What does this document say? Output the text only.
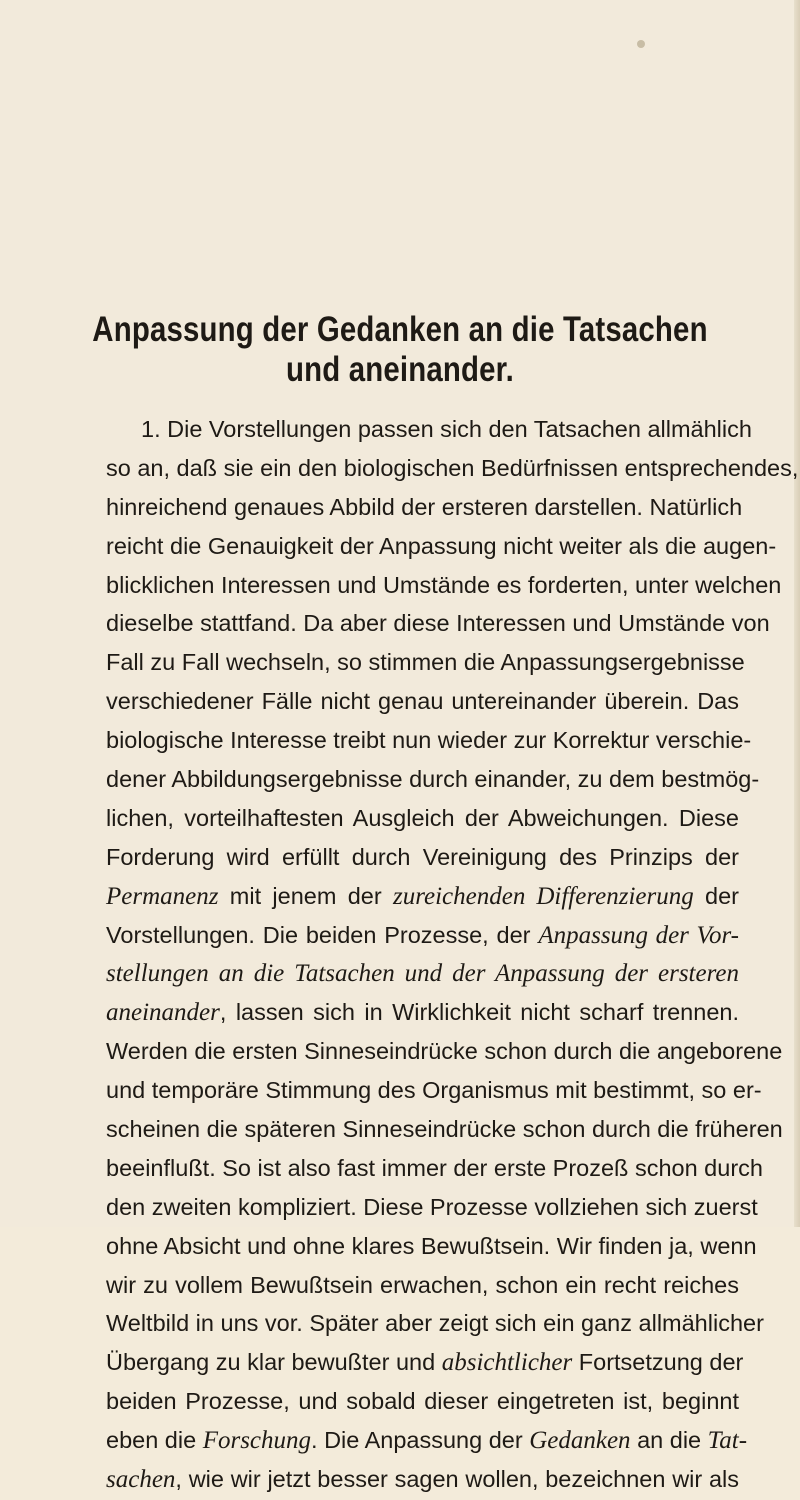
Anpassung der Gedanken an die Tatsachen
und aneinander.
1. Die Vorstellungen passen sich den Tatsachen allmählich
so an, daß sie ein den biologischen Bedürfnissen entsprechendes,
hinreichend genaues Abbild der ersteren darstellen. Natürlich
reicht die Genauigkeit der Anpassung nicht weiter als die augen-
blicklichen Interessen und Umstände es forderten, unter welchen
dieselbe stattfand. Da aber diese Interessen und Umstände von
Fall zu Fall wechseln, so stimmen die Anpassungsergebnisse
verschiedener Fälle nicht genau untereinander überein. Das
biologische Interesse treibt nun wieder zur Korrektur verschie-
dener Abbildungsergebnisse durch einander, zu dem bestmög-
lichen, vorteilhaftesten Ausgleich der Abweichungen. Diese
Forderung wird erfüllt durch Vereinigung des Prinzips der
Permanenz mit jenem der zureichenden Differenzierung der
Vorstellungen. Die beiden Prozesse, der Anpassung der Vor-
stellungen an die Tatsachen und der Anpassung der ersteren
aneinander, lassen sich in Wirklichkeit nicht scharf trennen.
Werden die ersten Sinneseindrücke schon durch die angeborene
und temporäre Stimmung des Organismus mit bestimmt, so er-
scheinen die späteren Sinneseindrücke schon durch die früheren
beeinflußt. So ist also fast immer der erste Prozeß schon durch
den zweiten kompliziert. Diese Prozesse vollziehen sich zuerst
ohne Absicht und ohne klares Bewußtsein. Wir finden ja, wenn
wir zu vollem Bewußtsein erwachen, schon ein recht reiches
Weltbild in uns vor. Später aber zeigt sich ein ganz allmählicher
Übergang zu klar bewußter und absichtlicher Fortsetzung der
beiden Prozesse, und sobald dieser eingetreten ist, beginnt
eben die Forschung. Die Anpassung der Gedanken an die Tat-
sachen, wie wir jetzt besser sagen wollen, bezeichnen wir als
